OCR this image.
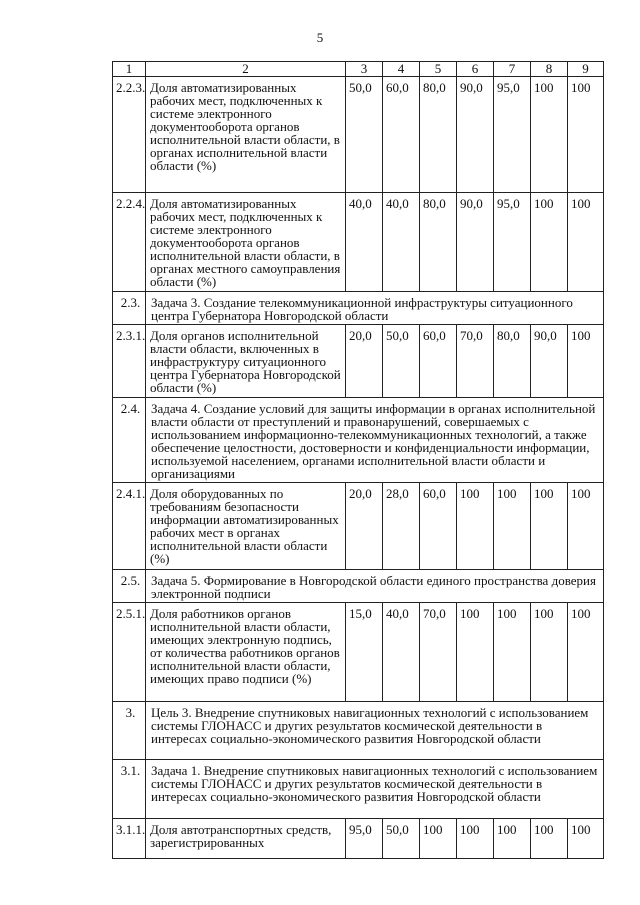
5
1	2	3	4	5	6	7	8	9
2.2.3.	Доля автоматизированных рабочих мест, подключенных к системе электронного документооборота органов исполнительной власти области, в органах исполнительной власти области (%)	50,0	60,0	80,0	90,0	95,0	100	100
2.2.4.	Доля автоматизированных рабочих мест, подключенных к системе электронного документооборота органов исполнительной власти области, в органах местного самоуправления области (%)	40,0	40,0	80,0	90,0	95,0	100	100
2.3.	Задача 3. Создание телекоммуникационной инфраструктуры ситуационного центра Губернатора Новгородской области							
2.3.1.	Доля органов исполнительной власти области, включенных в инфраструктуру ситуационного центра Губернатора Новгородской области (%)	20,0	50,0	60,0	70,0	80,0	90,0	100
2.4.	Задача 4. Создание условий для защиты информации в органах исполнительной власти области от преступлений и правонарушений, совершаемых с использованием информационно-телекоммуникационных технологий, а также обеспечение целостности, достоверности и конфиденциальности информации, используемой населением, органами исполнительной власти области и организациями							
2.4.1.	Доля оборудованных по требованиям безопасности информации автоматизированных рабочих мест в органах исполнительной власти области (%)	20,0	28,0	60,0	100	100	100	100
2.5.	Задача 5. Формирование в Новгородской области единого пространства доверия электронной подписи							
2.5.1.	Доля работников органов исполнительной власти области, имеющих электронную подпись, от количества работников органов исполнительной власти области, имеющих право подписи (%)	15,0	40,0	70,0	100	100	100	100
3.	Цель 3. Внедрение спутниковых навигационных технологий с использованием системы ГЛОНАСС и других результатов космической деятельности в интересах социально-экономического развития Новгородской области							
3.1.	Задача 1. Внедрение спутниковых навигационных технологий с использованием системы ГЛОНАСС и других результатов космической деятельности в интересах социально-экономического развития Новгородской области							
3.1.1.	Доля автотранспортных средств, зарегистрированных	95,0	50,0	100	100	100	100	100
